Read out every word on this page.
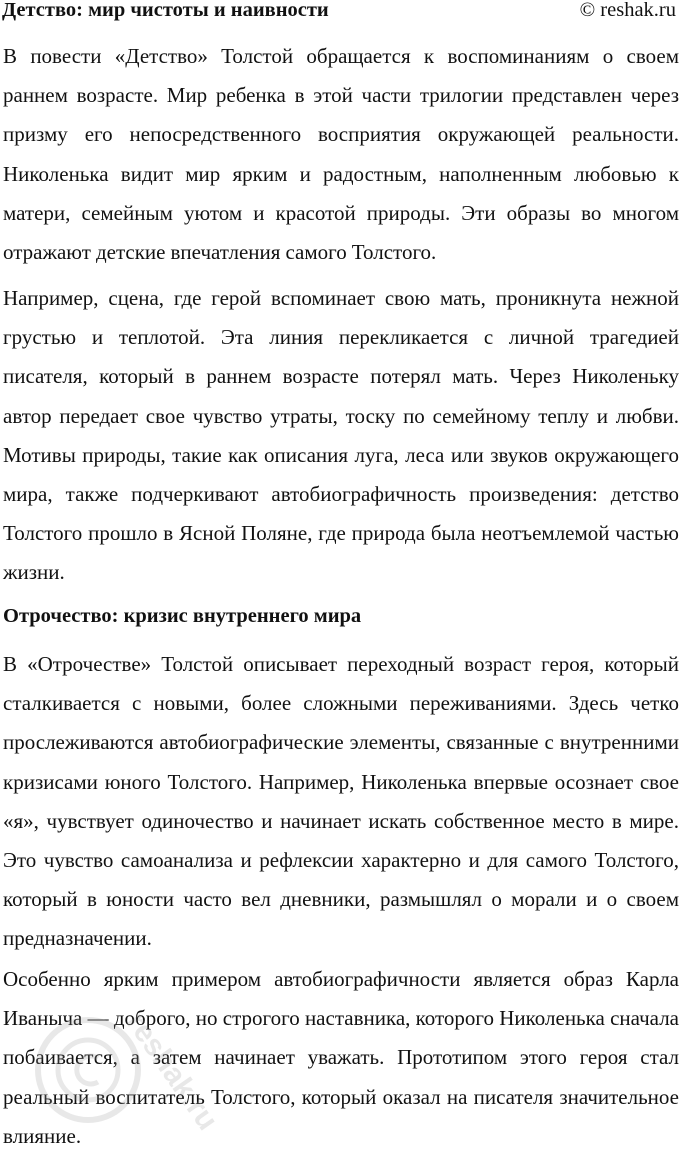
Детство: мир чистоты и наивности	© reshak.ru

В повести «Детство» Толстой обращается к воспоминаниям о своем раннем возрасте. Мир ребенка в этой части трилогии представлен через призму его непосредственного восприятия окружающей реальности. Николенька видит мир ярким и радостным, наполненным любовью к матери, семейным уютом и красотой природы. Эти образы во многом отражают детские впечатления самого Толстого.

Например, сцена, где герой вспоминает свою мать, проникнута нежной грустью и теплотой. Эта линия перекликается с личной трагедией писателя, который в раннем возрасте потерял мать. Через Николеньку автор передает свое чувство утраты, тоску по семейному теплу и любви. Мотивы природы, такие как описания луга, леса или звуков окружающего мира, также подчеркивают автобиографичность произведения: детство Толстого прошло в Ясной Поляне, где природа была неотъемлемой частью жизни.

Отрочество: кризис внутреннего мира

В «Отрочестве» Толстой описывает переходный возраст героя, который сталкивается с новыми, более сложными переживаниями. Здесь четко прослеживаются автобиографические элементы, связанные с внутренними кризисами юного Толстого. Например, Николенька впервые осознает свое «я», чувствует одиночество и начинает искать собственное место в мире. Это чувство самоанализа и рефлексии характерно и для самого Толстого, который в юности часто вел дневники, размышлял о морали и о своем предназначении.

Особенно ярким примером автобиографичности является образ Карла Иваныча — доброго, но строгого наставника, которого Николенька сначала побаивается, а затем начинает уважать. Прототипом этого героя стал реальный воспитатель Толстого, который оказал на писателя значительное влияние.	reshak.ru
